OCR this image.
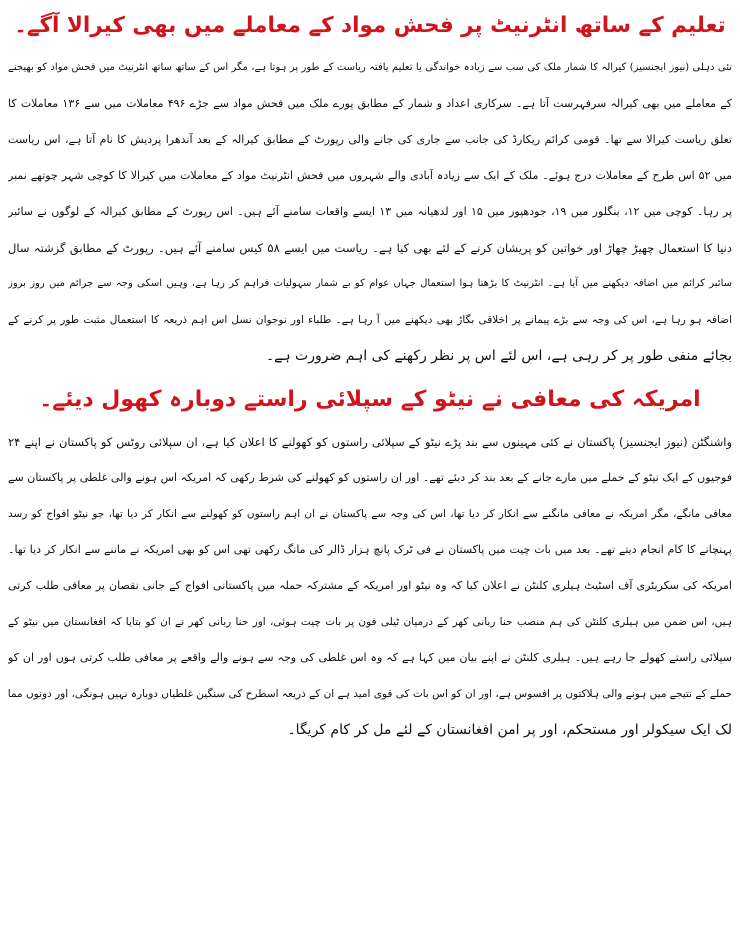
تعلیم کے ساتھ انٹرنیٹ پر فحش مواد کے معاملے میں بھی کیرالا آگے۔
نئی دہلی (نیوز ایجنسیز) کیرالہ کا شمار ملک کی سب سے زیادہ خواندگی یا تعلیم یافتہ ریاست کے طور پر ہوتا ہے، مگر اس کے ساتھ ساتھ انٹرنیٹ میں فحش مواد کو بھیجنے
کے معاملے میں بھی کیرالہ سرفہرست آتا ہے۔ سرکاری اعداد و شمار کے مطابق پورے ملک میں فحش مواد سے جڑے ۴۹۶ معاملات میں سے ۱۳۶ معاملات کا
تعلق ریاست کیرالا سے تھا۔ قومی کرائم ریکارڈ کی جانب سے جاری کی جانے والی رپورٹ کے مطابق کیرالہ کے بعد آندھرا پردیش کا نام آتا ہے، اس ریاست
میں ۵۲ اس طرح کے معاملات درج ہوئے۔ ملک کے ایک سے زیادہ آبادی والے شہروں میں فحش انٹرنیٹ مواد کے معاملات میں کیرالا کا کوچی شہر چوتھے نمبر
پر رہا۔ کوچی میں ۱۲، بنگلور میں ۱۹، جودھپور میں ۱۵ اور لدھیانہ میں ۱۳ ایسے واقعات سامنے آئے ہیں۔ اس رپورٹ کے مطابق کیرالہ کے لوگوں نے سائبر
دنیا کا استعمال چھیڑ چھاڑ اور خواتین کو پریشان کرنے کے لئے بھی کیا ہے۔ ریاست میں ایسے ۵۸ کیس سامنے آئے ہیں۔ رپورٹ کے مطابق گزشتہ سال
سائبر کرائم میں اضافہ دیکھنے میں آیا ہے۔ انٹرنیٹ کا بڑھتا ہوا استعمال جہاں عوام کو بے شمار سہولیات فراہم کر رہا ہے، وہیں اسکی وجہ سے جرائم میں روز بروز
اضافہ ہو رہا ہے، اس کی وجہ سے بڑے پیمانے پر اخلاقی بگاڑ بھی دیکھنے میں آ رہا ہے۔ طلباء اور نوجوان نسل اس اہم ذریعہ کا استعمال مثبت طور پر کرنے کے
بجائے منفی طور پر کر رہی ہے، اس لئے اس پر نظر رکھنے کی اہم ضرورت ہے۔
امریکہ کی معافی نے نیٹو کے سپلائی راستے دوبارہ کھول دیئے۔
واشنگٹن (نیوز ایجنسیز) پاکستان نے کئی مہینوں سے بند پڑے نیٹو کے سپلائی راستوں کو کھولنے کا اعلان کیا ہے، ان سپلائی روٹس کو پاکستان نے اپنے ۲۴
فوجیوں کے ایک نیٹو کے حملے میں مارے جانے کے بعد بند کر دیئے تھے۔ اور ان راستوں کو کھولنے کی شرط رکھی کہ امریکہ اس ہونے والی غلطی پر پاکستان سے
معافی مانگے، مگر امریکہ نے معافی مانگنے سے انکار کر دیا تھا، اس کی وجہ سے پاکستان نے ان اہم راستوں کو کھولنے سے انکار کر دیا تھا، جو نیٹو افواج کو رسد
پہنچانے کا کام انجام دیتے تھے۔ بعد میں بات چیت میں پاکستان نے فی ٹرک پانچ ہزار ڈالر کی مانگ رکھی تھی اس کو بھی امریکہ نے ماننے سے انکار کر دیا تھا۔
امریکہ کی سکریٹری آف اسٹیٹ ہیلری کلنٹن نے اعلان کیا کہ وہ نیٹو اور امریکہ کے مشترکہ حملہ میں پاکستانی افواج کے جانی نقصان پر معافی طلب کرتی
ہیں، اس ضمن میں ہیلری کلنٹن کی ہم منصب حنا ربانی کھر کے درمیان ٹیلی فون پر بات چیت ہوئی، اور حنا ربانی کھر نے ان کو بتایا کہ افغانستان میں نیٹو کے
سپلائی راستے کھولے جا رہے ہیں۔ ہیلری کلنٹن نے اپنے بیان میں کہا ہے کہ وہ اس غلطی کی وجہ سے ہونے والے واقعے پر معافی طلب کرتی ہوں اور ان کو
حملے کے نتیجے میں ہونے والی ہلاکتوں پر افسوس ہے، اور ان کو اس بات کی قوی امید ہے ان کے ذریعہ اسطرح کی سنگین غلطیاں دوبارہ نہیں ہونگی، اور دونوں مما
لک ایک سیکولر اور مستحکم، اور پر امن افغانستان کے لئے مل کر کام کریگا۔
